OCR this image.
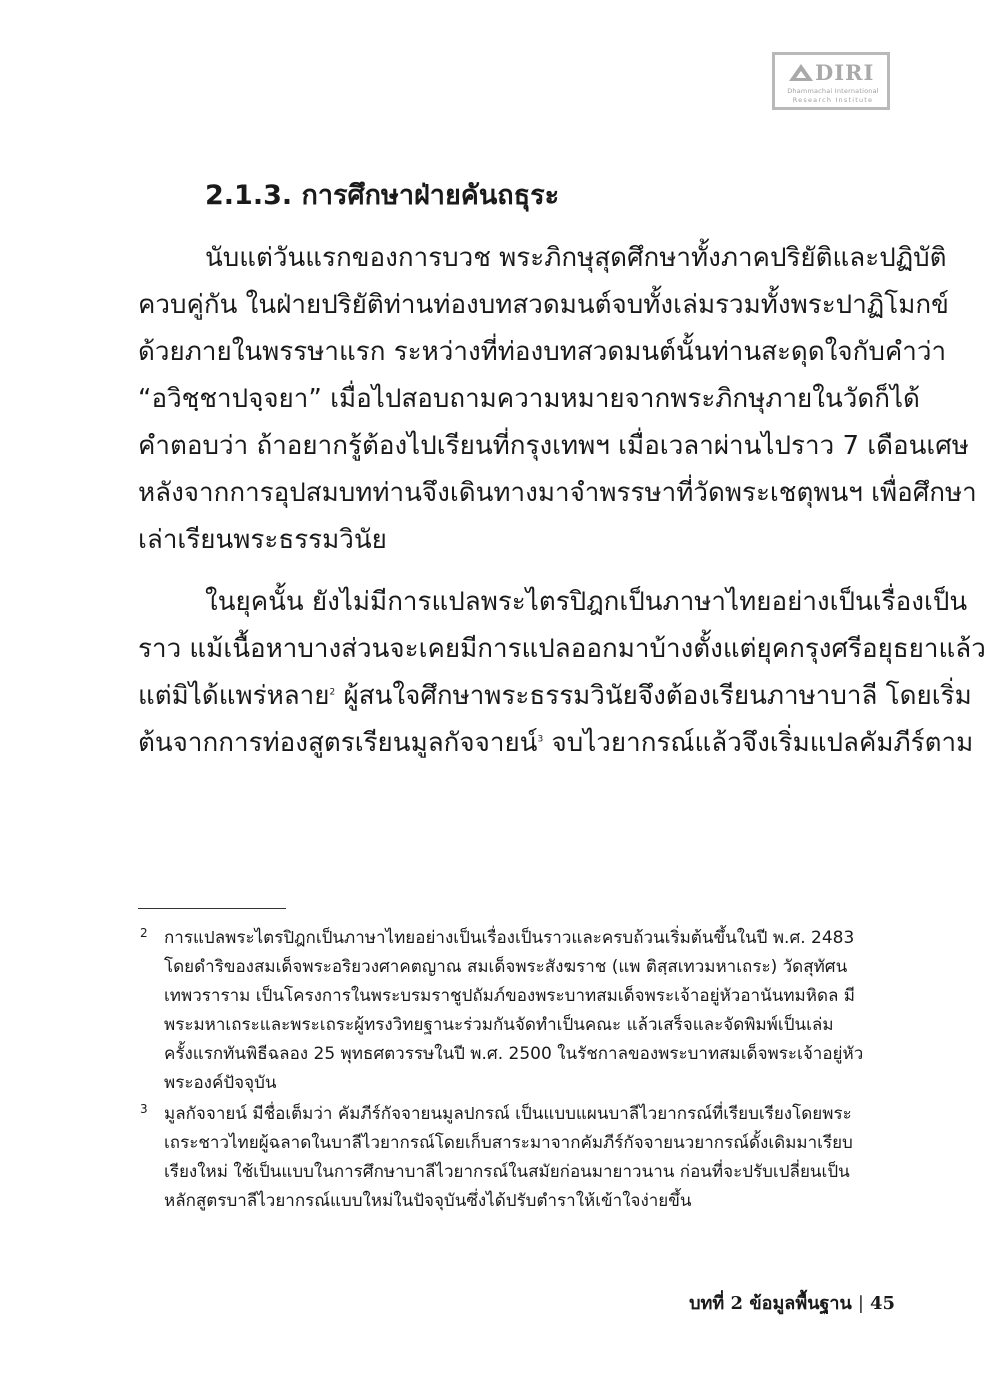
DIRI
Dhammachai International
Research Institute
2.1.3. การศึกษาฝ่ายคันถธุระ
นับแต่วันแรกของการบวช พระภิกษุสุดศึกษาทั้งภาคปริยัติและปฏิบัติ
ควบคู่กัน ในฝ่ายปริยัติท่านท่องบทสวดมนต์จบทั้งเล่มรวมทั้งพระปาฏิโมกข์
ด้วยภายในพรรษาแรก ระหว่างที่ท่องบทสวดมนต์นั้นท่านสะดุดใจกับคำว่า
“อวิชฺชาปจฺจยา” เมื่อไปสอบถามความหมายจากพระภิกษุภายในวัดก็ได้
คำตอบว่า ถ้าอยากรู้ต้องไปเรียนที่กรุงเทพฯ เมื่อเวลาผ่านไปราว 7 เดือนเศษ
หลังจากการอุปสมบทท่านจึงเดินทางมาจำพรรษาที่วัดพระเชตุพนฯ เพื่อศึกษา
เล่าเรียนพระธรรมวินัย
ในยุคนั้น ยังไม่มีการแปลพระไตรปิฎกเป็นภาษาไทยอย่างเป็นเรื่องเป็น
ราว แม้เนื้อหาบางส่วนจะเคยมีการแปลออกมาบ้างตั้งแต่ยุคกรุงศรีอยุธยาแล้ว
แต่มิได้แพร่หลาย$^2$ ผู้สนใจศึกษาพระธรรมวินัยจึงต้องเรียนภาษาบาลี โดยเริ่ม
ต้นจากการท่องสูตรเรียนมูลกัจจายน์$^3$ จบไวยากรณ์แล้วจึงเริ่มแปลคัมภีร์ตาม
2 การแปลพระไตรปิฎกเป็นภาษาไทยอย่างเป็นเรื่องเป็นราวและครบถ้วนเริ่มต้นขึ้นในปี พ.ศ. 2483
โดยดำริของสมเด็จพระอริยวงศาคตญาณ สมเด็จพระสังฆราช (แพ ติสฺสเทวมหาเถระ) วัดสุทัศน
เทพวราราม เป็นโครงการในพระบรมราชูปถัมภ์ของพระบาทสมเด็จพระเจ้าอยู่หัวอานันทมหิดล มี
พระมหาเถระและพระเถระผู้ทรงวิทยฐานะร่วมกันจัดทำเป็นคณะ แล้วเสร็จและจัดพิมพ์เป็นเล่ม
ครั้งแรกทันพิธีฉลอง 25 พุทธศตวรรษในปี พ.ศ. 2500 ในรัชกาลของพระบาทสมเด็จพระเจ้าอยู่หัว
พระองค์ปัจจุบัน
3 มูลกัจจายน์ มีชื่อเต็มว่า คัมภีร์กัจจายนมูลปกรณ์ เป็นแบบแผนบาลีไวยากรณ์ที่เรียบเรียงโดยพระ
เถระชาวไทยผู้ฉลาดในบาลีไวยากรณ์โดยเก็บสาระมาจากคัมภีร์กัจจายนวยากรณ์ดั้งเดิมมาเรียบ
เรียงใหม่ ใช้เป็นแบบในการศึกษาบาลีไวยากรณ์ในสมัยก่อนมายาวนาน ก่อนที่จะปรับเปลี่ยนเป็น
หลักสูตรบาลีไวยากรณ์แบบใหม่ในปัจจุบันซึ่งได้ปรับตำราให้เข้าใจง่ายขึ้น
บทที่ 2 ข้อมูลพื้นฐาน | 45
